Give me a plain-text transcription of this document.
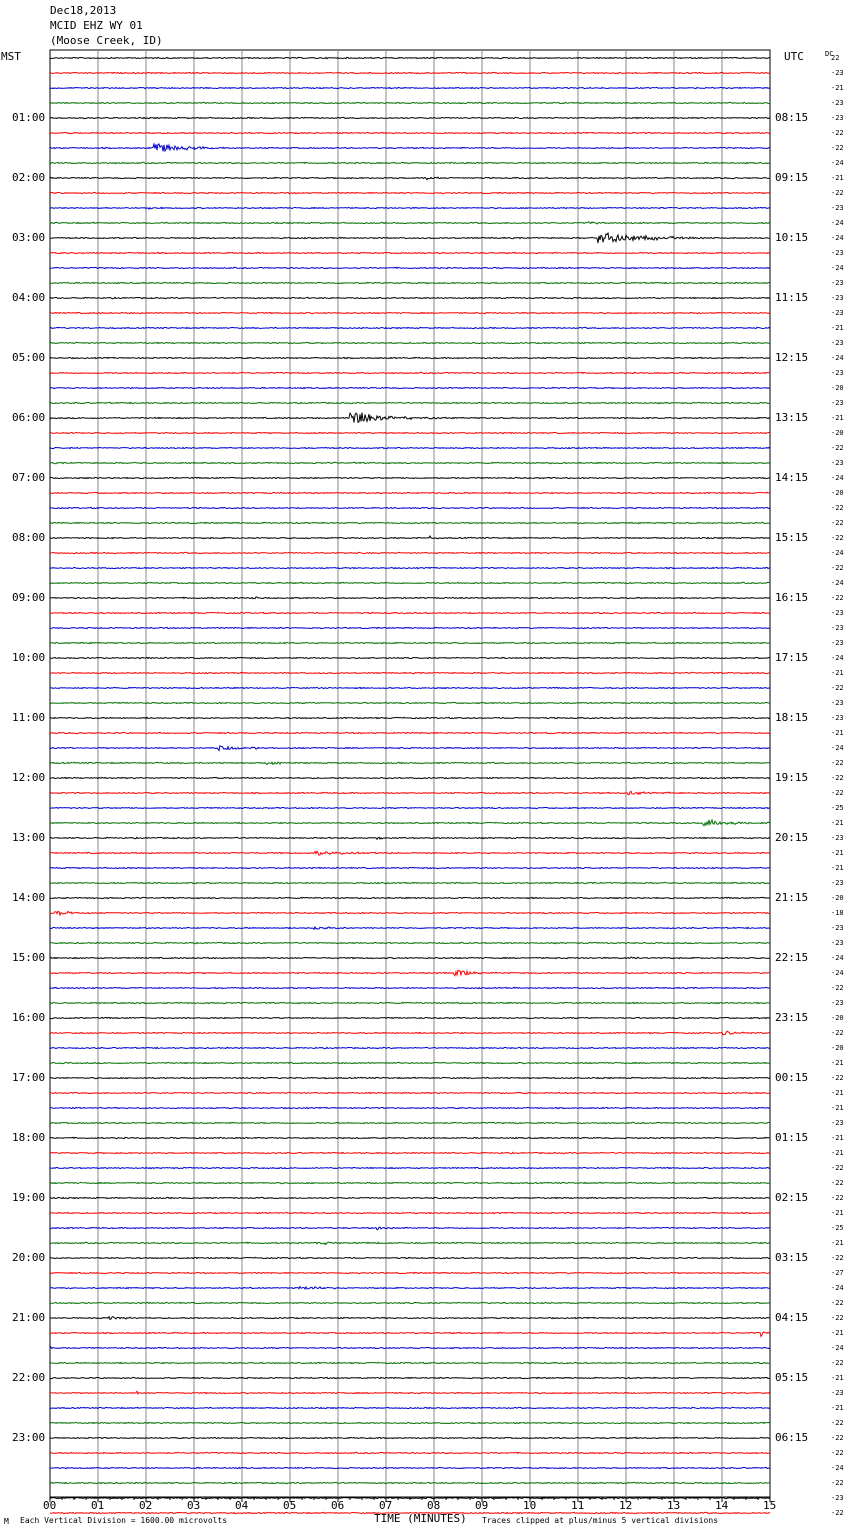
Dec18,2013
MCID EHZ WY 01
(Moose Creek, ID)
MST	UTC	DC
01:00
02:00
03:00
04:00
05:00
06:00
07:00
08:00
09:00
10:00
11:00
12:00
13:00
14:00
15:00
16:00
17:00
18:00
19:00
20:00
21:00
22:00
23:00
08:15
09:15
10:15
11:15
12:15
13:15
14:15
15:15
16:15
17:15
18:15
19:15
20:15
21:15
22:15
23:15
00:15
01:15
02:15
03:15
04:15
05:15
06:15
22
-23
-21
-23
-23
-22
-22
-24
-21
-22
-23
-24
-24
-23
-24
-23
-23
-23
-21
-23
-24
-23
-20
-23
-21
-20
-22
-23
-24
-20
-22
-22
-22
-24
-22
-24
-22
-23
-23
-23
-24
-21
-22
-23
-23
-21
-24
-22
-22
-22
-25
-21
-23
-21
-21
-23
-20
-18
-23
-23
-24
-24
-22
-23
-20
-22
-20
-21
-22
-21
-21
-23
-21
-21
-22
-22
-22
-21
-25
-21
-22
-27
-24
-22
-22
-21
-24
-22
-21
-23
-21
-22
-22
-22
-24
-22
-23
-22
00	01	02	03	04	05	06	07	08	09	10	11	12	13	14	15
M Each Vertical Division = 1600.00 microvolts	TIME (MINUTES) Traces clipped at plus/minus 5 vertical divisions
